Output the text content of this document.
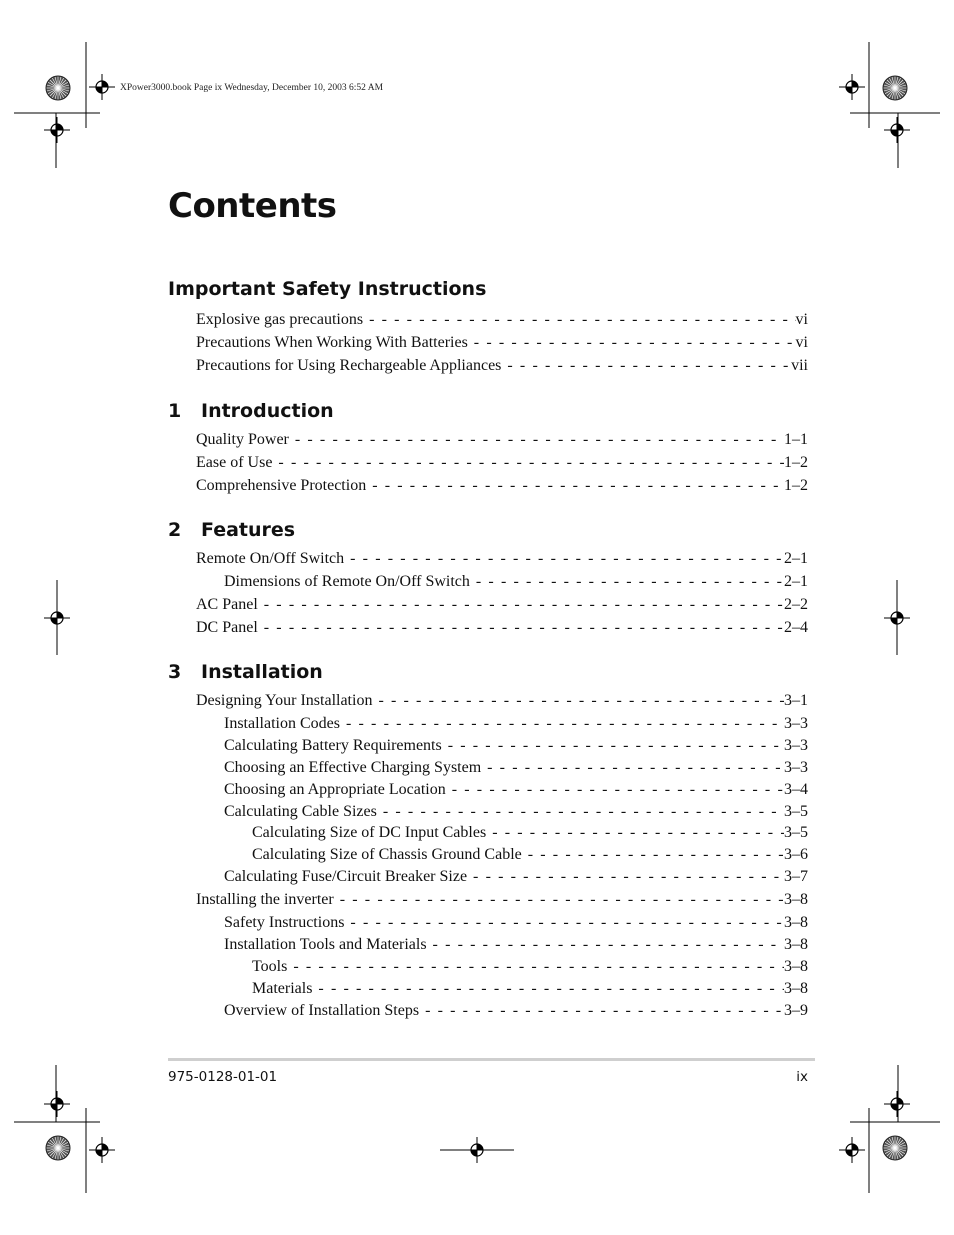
XPower3000.book Page ix Wednesday, December 10, 2003 6:52 AM
Contents
Important Safety Instructions
Explosive gas precautions - - -	vi
Precautions When Working With Batteries - - -	vi
Precautions for Using Rechargeable Appliances - - -	vii
1 Introduction
Quality Power - - -	1–1
Ease of Use - - -	1–2
Comprehensive Protection - - -	1–2
2 Features
Remote On/Off Switch - - -	2–1
Dimensions of Remote On/Off Switch - - -	2–1
AC Panel - - -	2–2
DC Panel - - -	2–4
3 Installation
Designing Your Installation - - -	3–1
Installation Codes - - -	3–3
Calculating Battery Requirements - - -	3–3
Choosing an Effective Charging System - - -	3–3
Choosing an Appropriate Location - - -	3–4
Calculating Cable Sizes - - -	3–5
Calculating Size of DC Input Cables - - -	3–5
Calculating Size of Chassis Ground Cable - - -	3–6
Calculating Fuse/Circuit Breaker Size - - -	3–7
Installing the inverter - - -	3–8
Safety Instructions - - -	3–8
Installation Tools and Materials - - -	3–8
Tools - - -	3–8
Materials - - -	3–8
Overview of Installation Steps - - -	3–9
975-0128-01-01	ix
